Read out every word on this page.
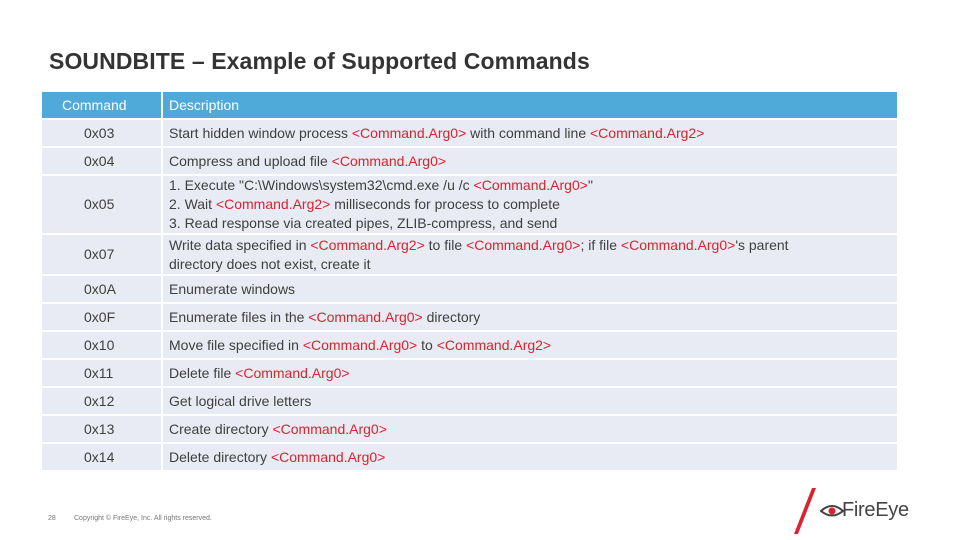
SOUNDBITE – Example of Supported Commands
Command	Description
0x03	Start hidden window process <Command.Arg0> with command line <Command.Arg2>

0x04	Compress and upload file <Command.Arg0>

0x05	1. Execute "C:\Windows\system32\cmd.exe /u /c <Command.Arg0>"
2. Wait <Command.Arg2> milliseconds for process to complete
3. Read response via created pipes, ZLIB-compress, and send

0x07	Write data specified in <Command.Arg2> to file <Command.Arg0>; if file <Command.Arg0>'s parent
directory does not exist, create it

0x0A	Enumerate windows

0x0F	Enumerate files in the <Command.Arg0> directory

0x10	Move file specified in <Command.Arg0> to <Command.Arg2>

0x11	Delete file <Command.Arg0>

0x12	Get logical drive letters

0x13	Create directory <Command.Arg0>

0x14	Delete directory <Command.Arg0>
28	Copyright © FireEye, Inc. All rights reserved.	FireEye
